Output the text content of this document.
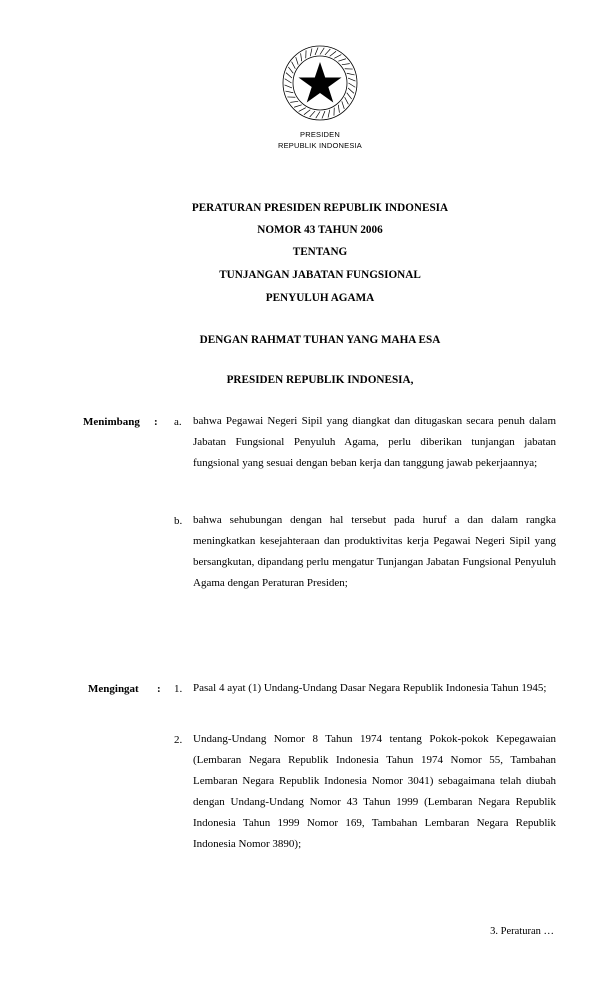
PRESIDEN
REPUBLIK INDONESIA
PERATURAN PRESIDEN REPUBLIK INDONESIA
NOMOR 43 TAHUN 2006
TENTANG
TUNJANGAN JABATAN FUNGSIONAL
PENYULUH AGAMA
DENGAN RAHMAT TUHAN YANG MAHA ESA
PRESIDEN REPUBLIK INDONESIA,
Menimbang : a. bahwa Pegawai Negeri Sipil yang diangkat dan ditugaskan secara penuh dalam Jabatan Fungsional Penyuluh Agama, perlu diberikan tunjangan jabatan fungsional yang sesuai dengan beban kerja dan tanggung jawab pekerjaannya;

b. bahwa sehubungan dengan hal tersebut pada huruf a dan dalam rangka meningkatkan kesejahteraan dan produktivitas kerja Pegawai Negeri Sipil yang bersangkutan, dipandang perlu mengatur Tunjangan Jabatan Fungsional Penyuluh Agama dengan Peraturan Presiden;

Mengingat : 1. Pasal 4 ayat (1) Undang-Undang Dasar Negara Republik Indonesia Tahun 1945;

2. Undang-Undang Nomor 8 Tahun 1974 tentang Pokok-pokok Kepegawaian (Lembaran Negara Republik Indonesia Tahun 1974 Nomor 55, Tambahan Lembaran Negara Republik Indonesia Nomor 3041) sebagaimana telah diubah dengan Undang-Undang Nomor 43 Tahun 1999 (Lembaran Negara Republik Indonesia Tahun 1999 Nomor 169, Tambahan Lembaran Negara Republik Indonesia Nomor 3890);

3. Peraturan …
